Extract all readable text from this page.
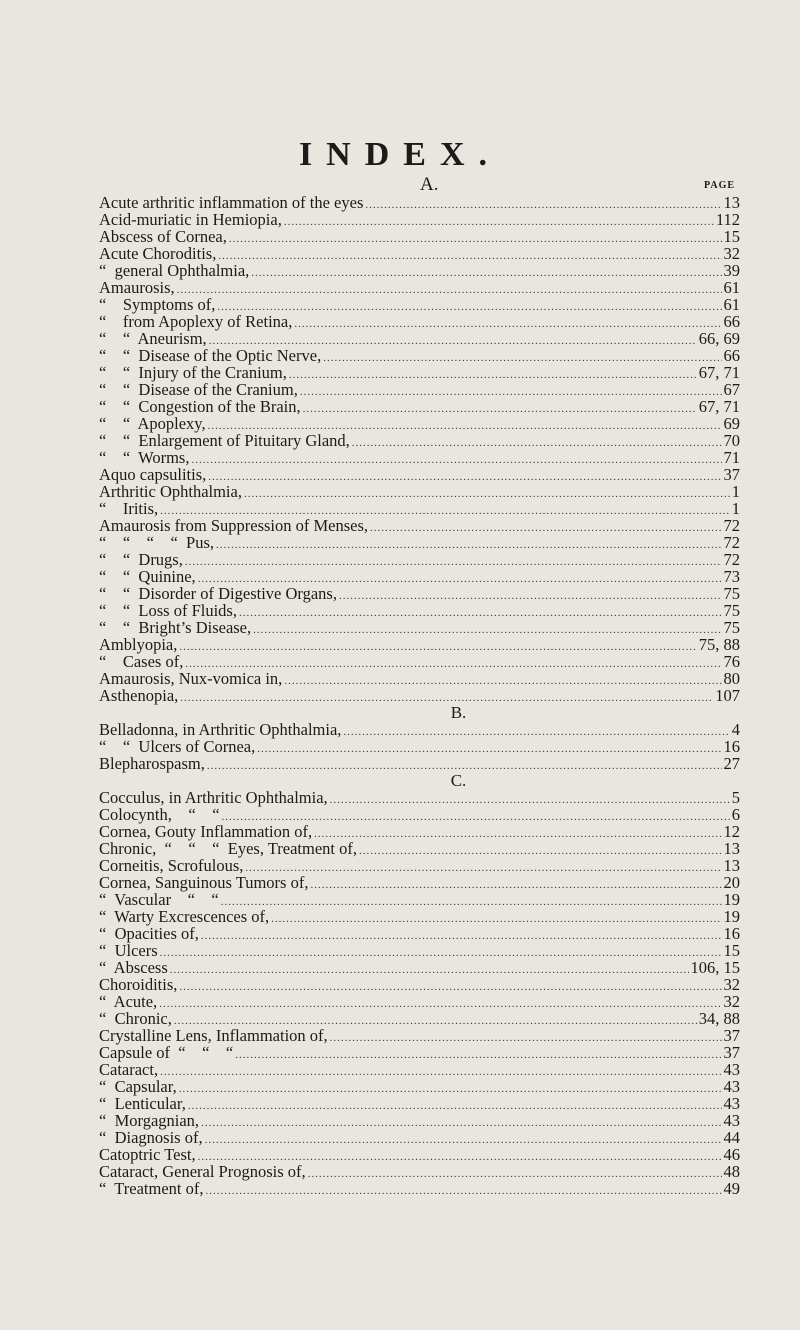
INDEX.
A.	PAGE
Acute arthritic inflammation of the eyes .....	13
Acid-muriatic in Hemiopia, .....	112
Abscess of Cornea, .....	15
Acute Choroditis, .....	32
“  general Ophthalmia, .....	39
Amaurosis, .....	61
“    Symptoms of, .....	61
“    from Apoplexy of Retina, .....	66
“    “  Aneurism, .....	66, 69
“    “  Disease of the Optic Nerve, .....	66
“    “  Injury of the Cranium, .....	67, 71
“    “  Disease of the Cranium, .....	67
“    “  Congestion of the Brain, .....	67, 71
“    “  Apoplexy, .....	69
“    “  Enlargement of Pituitary Gland, .....	70
“    “  Worms, .....	71
Aquo capsulitis, .....	37
Arthritic Ophthalmia, .....	1
“    Iritis, .....	1
Amaurosis from Suppression of Menses, .....	72
“    “    “    “  Pus, .....	72
“    “  Drugs, .....	72
“    “  Quinine, .....	73
“    “  Disorder of Digestive Organs, .....	75
“    “  Loss of Fluids, .....	75
“    “  Bright’s Disease, .....	75
Amblyopia, .....	75, 88
“    Cases of, .....	76
Amaurosis, Nux-vomica in, .....	80
Asthenopia, .....	107
B.
Belladonna, in Arthritic Ophthalmia, .....	4
“    “  Ulcers of Cornea, .....	16
Blepharospasm, .....	27
C.
Cocculus, in Arthritic Ophthalmia, .....	5
Colocynth,    “    “ .....	6
Cornea, Gouty Inflammation of, .....	12
Chronic,  “    “    “  Eyes, Treatment of, .....	13
Corneitis, Scrofulous, .....	13
Cornea, Sanguinous Tumors of, .....	20
“  Vascular    “    “ .....	19
“  Warty Excrescences of, .....	19
“  Opacities of, .....	16
“  Ulcers .....	15
“  Abscess .....	106, 15
Choroiditis, .....	32
“  Acute, .....	32
“  Chronic, .....	34, 88
Crystalline Lens, Inflammation of, .....	37
Capsule of  “    “    “ .....	37
Cataract, .....	43
“  Capsular, .....	43
“  Lenticular, .....	43
“  Morgagnian, .....	43
“  Diagnosis of, .....	44
Catoptric Test, .....	46
Cataract, General Prognosis of, .....	48
“  Treatment of, .....	49
